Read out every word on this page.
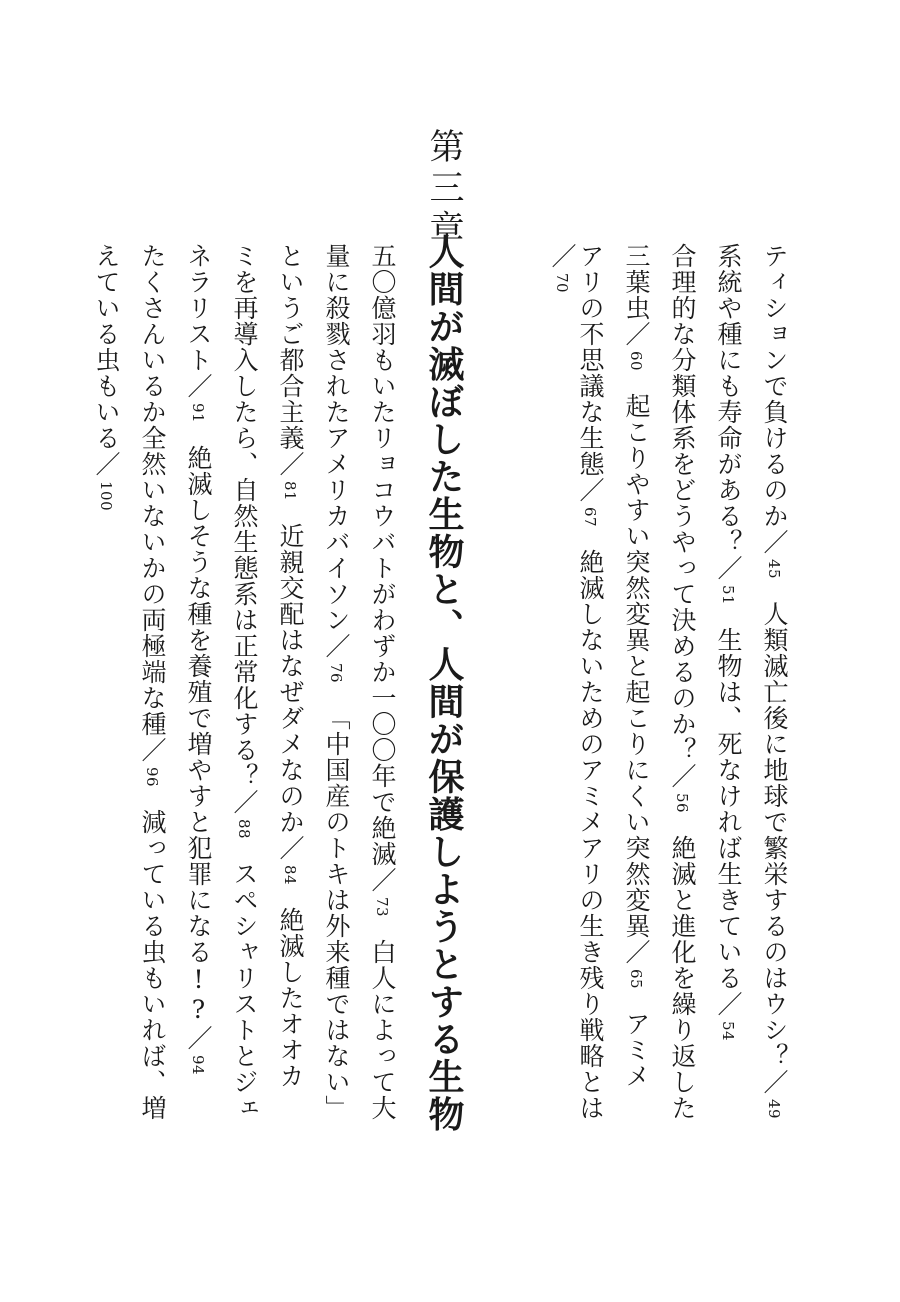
ティションで負けるのか／45人類滅亡後に地球で繁栄するのはウシ？／49
系統や種にも寿命がある？／51生物は、死なければ生きている／54
合理的な分類体系をどうやって決めるのか？／56絶滅と進化を繰り返した
三葉虫／60起こりやすい突然変異と起こりにくい突然変異／65アミメ
アリの不思議な生態／67絶滅しないためのアミメアリの生き残り戦略とは
／70
第三章
人間が滅ぼした生物と、人間が保護しようとする生物
五〇億羽もいたリョコウバトがわずか一〇〇年で絶滅／73白人によって大
量に殺戮されたアメリカバイソン／76「中国産のトキは外来種ではない」
というご都合主義／81近親交配はなぜダメなのか／84絶滅したオオカ
ミを再導入したら、自然生態系は正常化する？／88スペシャリストとジェ
ネラリスト／91絶滅しそうな種を養殖で増やすと犯罪になる!?／94
たくさんいるか全然いないかの両極端な種／96減っている虫もいれば、増
えている虫もいる／100
